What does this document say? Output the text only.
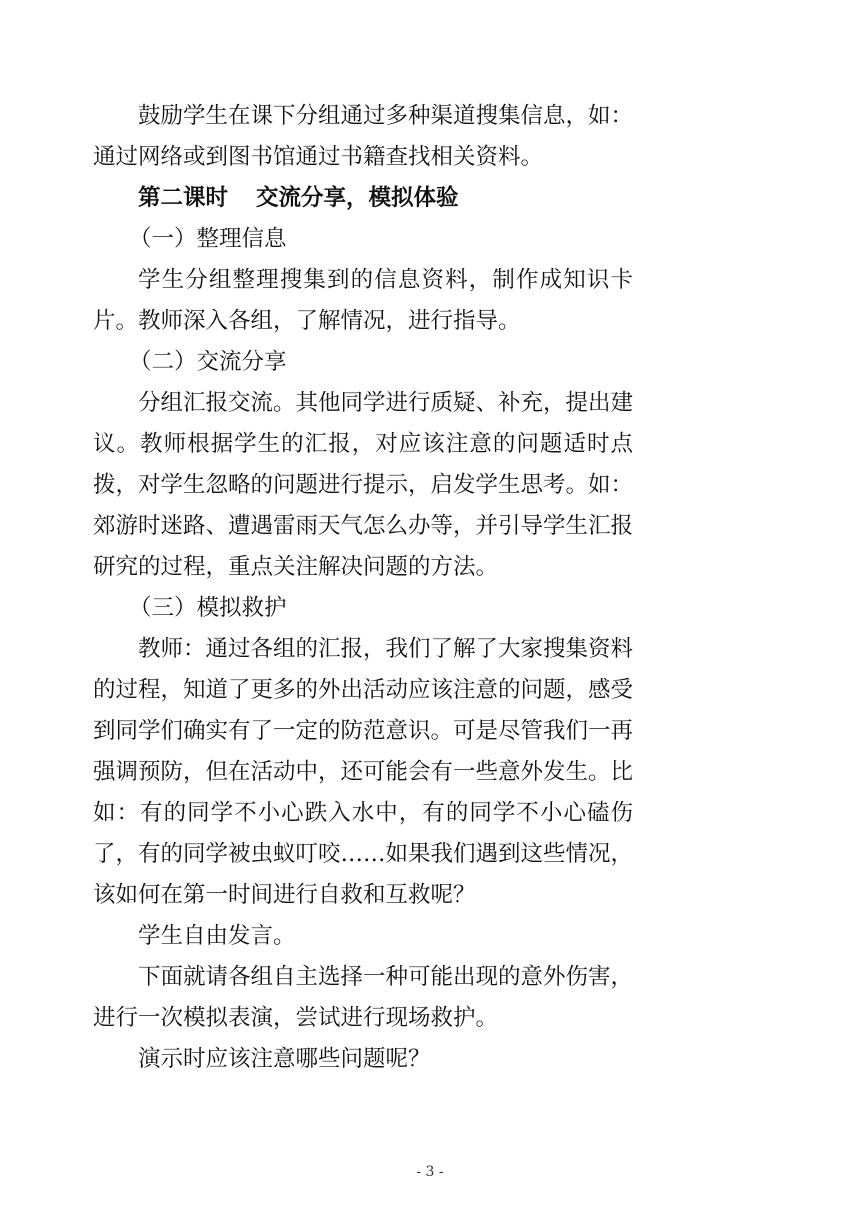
鼓励学生在课下分组通过多种渠道搜集信息，如：通过网络或到图书馆通过书籍查找相关资料。

第二课时 交流分享，模拟体验

（一）整理信息

学生分组整理搜集到的信息资料，制作成知识卡片。教师深入各组，了解情况，进行指导。

（二）交流分享

分组汇报交流。其他同学进行质疑、补充，提出建议。教师根据学生的汇报，对应该注意的问题适时点拨，对学生忽略的问题进行提示，启发学生思考。如：郊游时迷路、遭遇雷雨天气怎么办等，并引导学生汇报研究的过程，重点关注解决问题的方法。

（三）模拟救护

教师：通过各组的汇报，我们了解了大家搜集资料的过程，知道了更多的外出活动应该注意的问题，感受到同学们确实有了一定的防范意识。可是尽管我们一再强调预防，但在活动中，还可能会有一些意外发生。比如：有的同学不小心跌入水中，有的同学不小心磕伤了，有的同学被虫蚁叮咬……如果我们遇到这些情况，该如何在第一时间进行自救和互救呢？

学生自由发言。

下面就请各组自主选择一种可能出现的意外伤害，进行一次模拟表演，尝试进行现场救护。

演示时应该注意哪些问题呢？

- 3 -
